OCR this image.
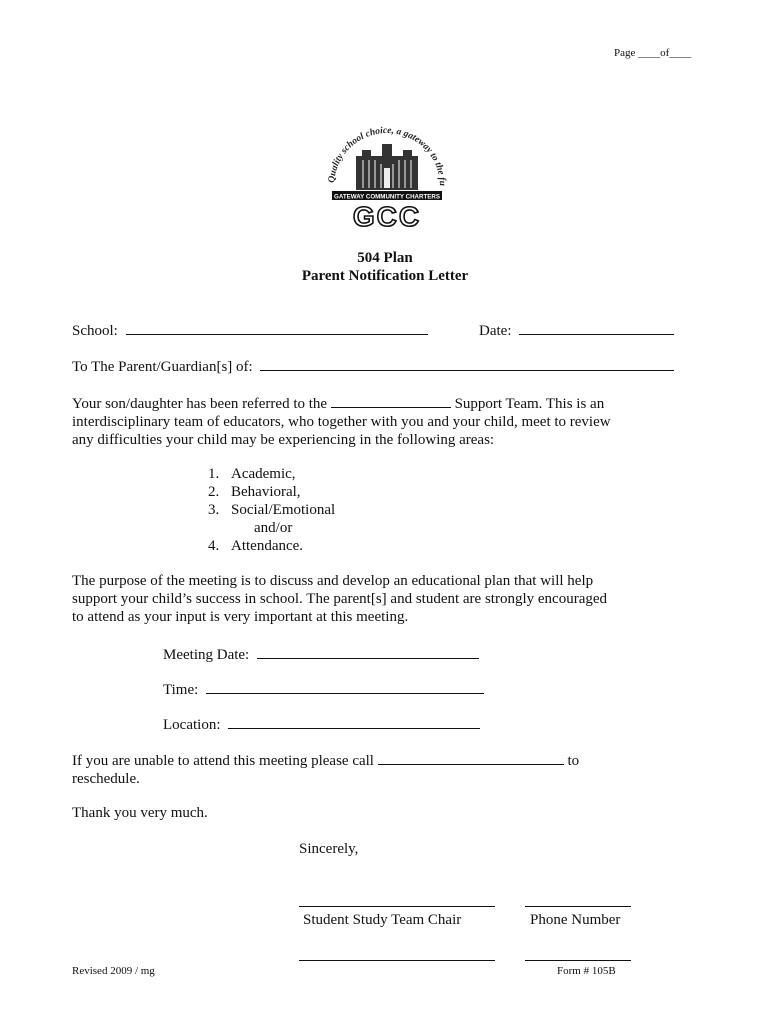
Page ____of____
Quality school choice, a gateway to the fu
GATEWAY COMMUNITY CHARTERS
GCC
504 Plan
Parent Notification Letter
School:	Date:
To The Parent/Guardian[s] of:
Your son/daughter has been referred to the	Support Team. This is an
interdisciplinary team of educators, who together with you and your child, meet to review
any difficulties your child may be experiencing in the following areas:
1. Academic,
2. Behavioral,
3. Social/Emotional
and/or
4. Attendance.
The purpose of the meeting is to discuss and develop an educational plan that will help
support your child’s success in school. The parent[s] and student are strongly encouraged
to attend as your input is very important at this meeting.
Meeting Date:
Time:
Location:
If you are unable to attend this meeting please call	to
reschedule.
Thank you very much.
Sincerely,
Student Study Team Chair	Phone Number
Revised 2009 / mg	Form # 105B
